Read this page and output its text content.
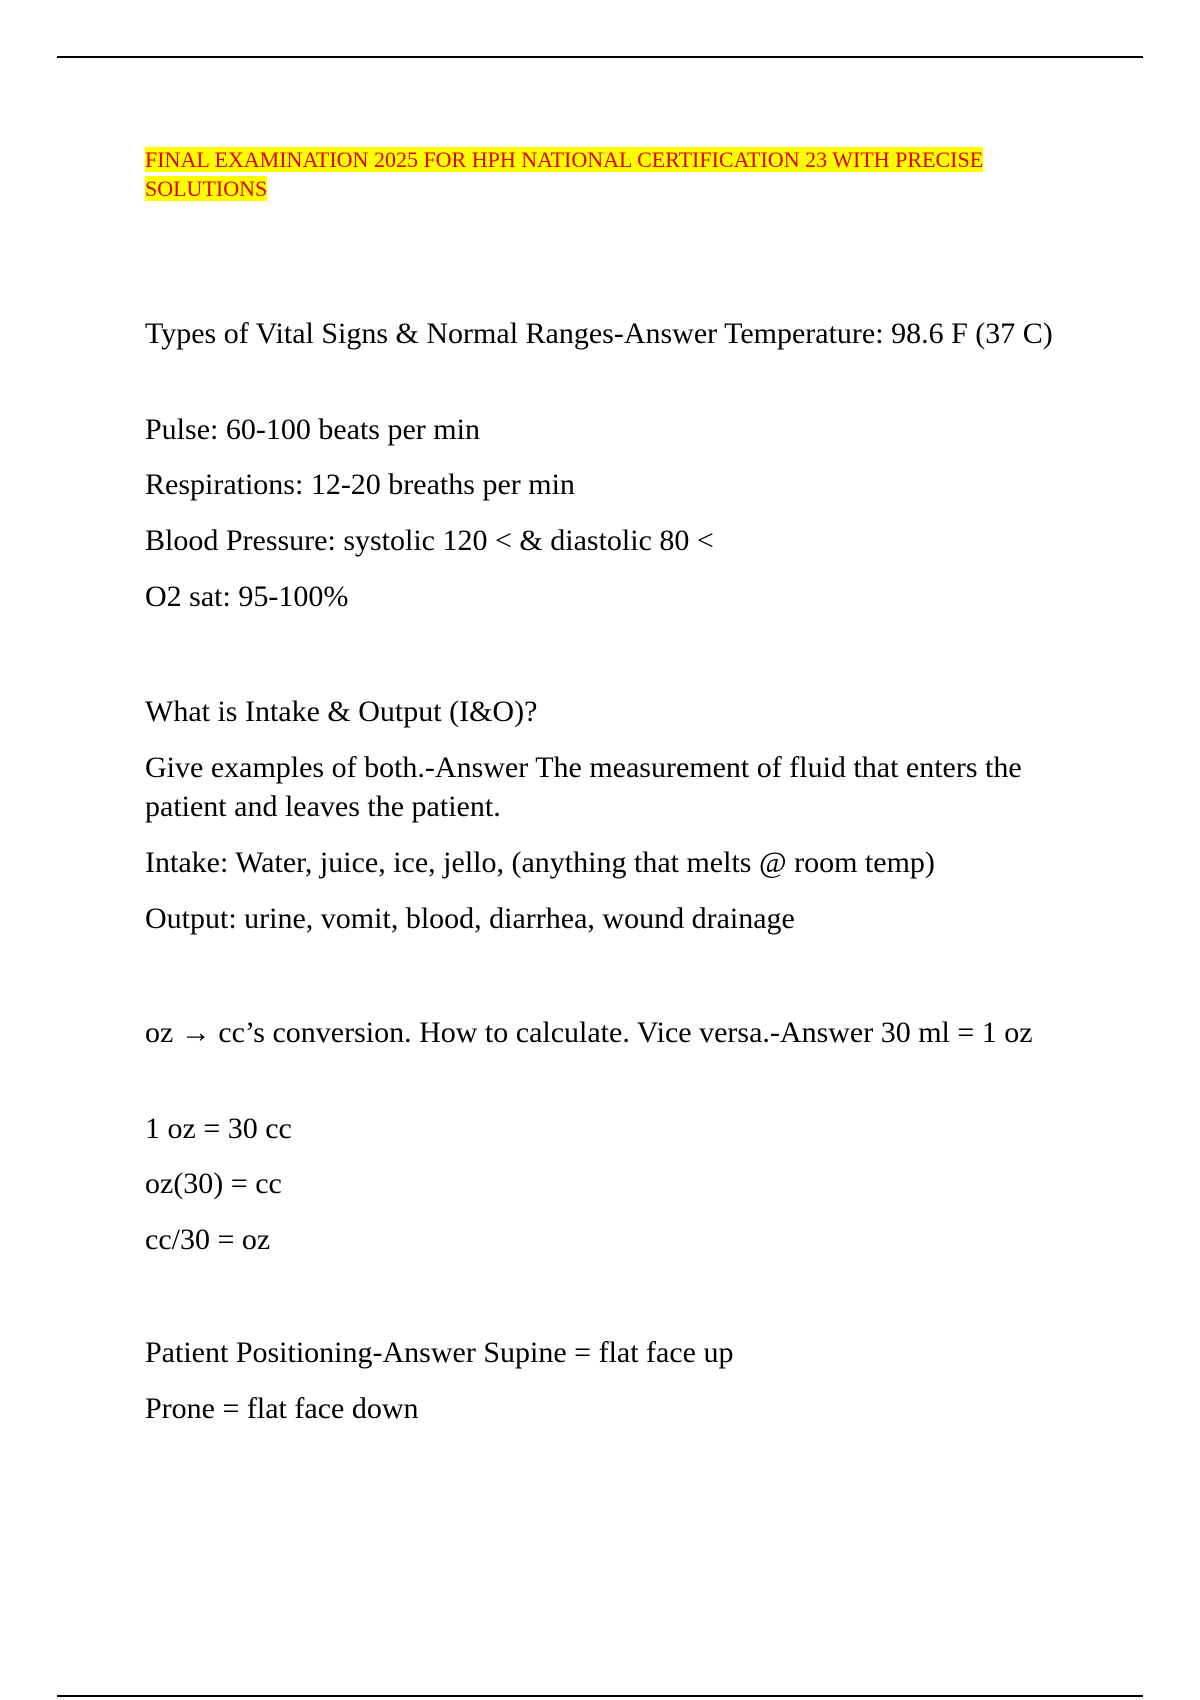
FINAL EXAMINATION 2025 FOR HPH NATIONAL CERTIFICATION 23 WITH PRECISE SOLUTIONS

Types of Vital Signs & Normal Ranges-Answer Temperature: 98.6 F (37 C)

Pulse: 60-100 beats per min

Respirations: 12-20 breaths per min

Blood Pressure: systolic 120 < & diastolic 80 <

O2 sat: 95-100%

What is Intake & Output (I&O)?

Give examples of both.-Answer The measurement of fluid that enters the patient and leaves the patient.

Intake: Water, juice, ice, jello, (anything that melts @ room temp)

Output: urine, vomit, blood, diarrhea, wound drainage

oz → cc’s conversion. How to calculate. Vice versa.-Answer 30 ml = 1 oz

1 oz = 30 cc

oz(30) = cc

cc/30 = oz

Patient Positioning-Answer Supine = flat face up

Prone = flat face down
